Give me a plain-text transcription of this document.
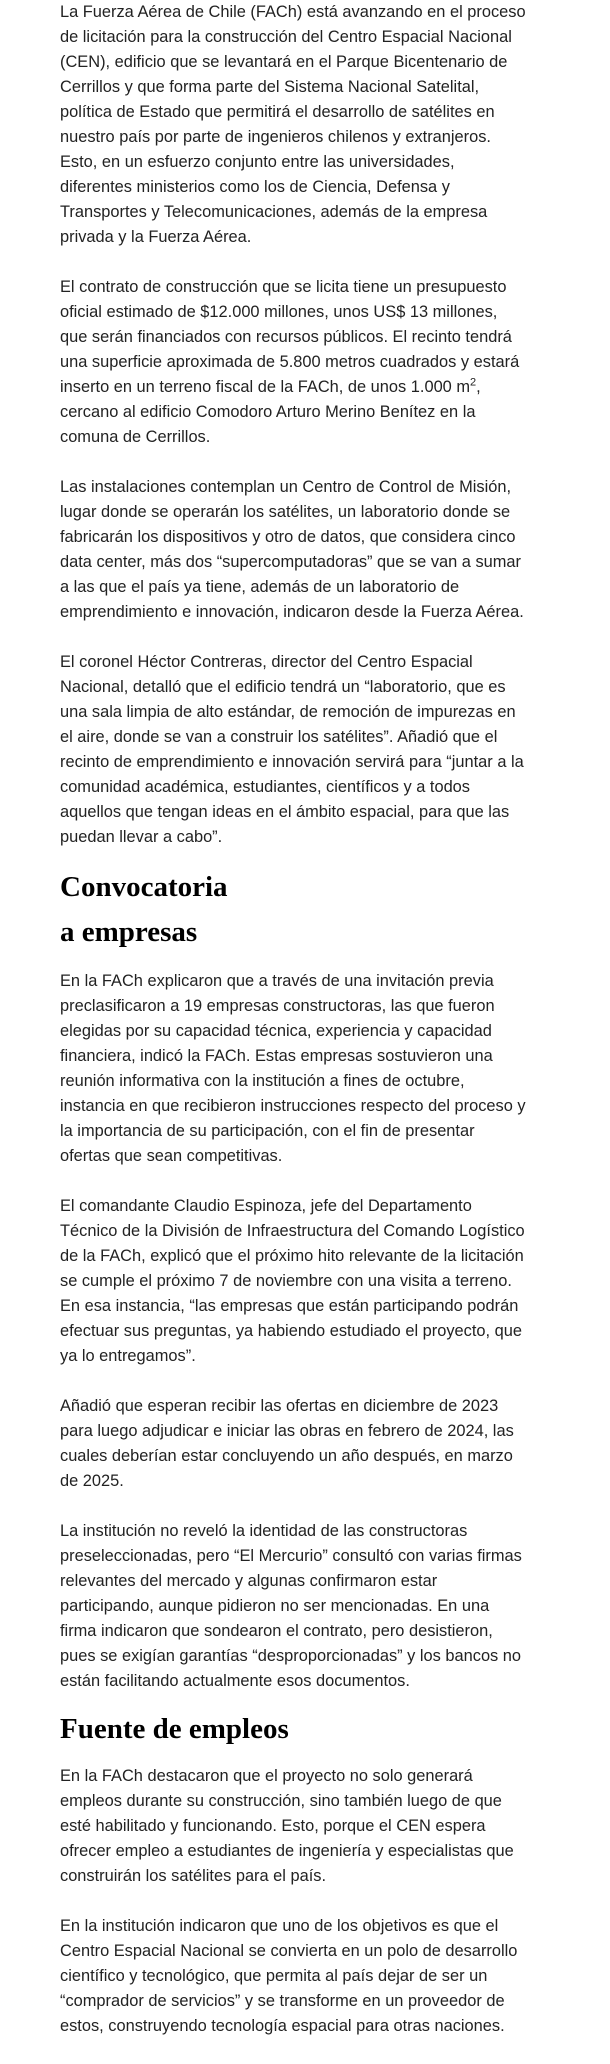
La Fuerza Aérea de Chile (FACh) está avanzando en el proceso
de licitación para la construcción del Centro Espacial Nacional
(CEN), edificio que se levantará en el Parque Bicentenario de
Cerrillos y que forma parte del Sistema Nacional Satelital,
política de Estado que permitirá el desarrollo de satélites en
nuestro país por parte de ingenieros chilenos y extranjeros.
Esto, en un esfuerzo conjunto entre las universidades,
diferentes ministerios como los de Ciencia, Defensa y
Transportes y Telecomunicaciones, además de la empresa
privada y la Fuerza Aérea.

El contrato de construcción que se licita tiene un presupuesto
oficial estimado de $12.000 millones, unos US$ 13 millones,
que serán financiados con recursos públicos. El recinto tendrá
una superficie aproximada de 5.800 metros cuadrados y estará
inserto en un terreno fiscal de la FACh, de unos 1.000 $m^2$,
cercano al edificio Comodoro Arturo Merino Benítez en la
comuna de Cerrillos.

Las instalaciones contemplan un Centro de Control de Misión,
lugar donde se operarán los satélites, un laboratorio donde se
fabricarán los dispositivos y otro de datos, que considera cinco
data center, más dos “supercomputadoras” que se van a sumar
a las que el país ya tiene, además de un laboratorio de
emprendimiento e innovación, indicaron desde la Fuerza Aérea.

El coronel Héctor Contreras, director del Centro Espacial
Nacional, detalló que el edificio tendrá un “laboratorio, que es
una sala limpia de alto estándar, de remoción de impurezas en
el aire, donde se van a construir los satélites”. Añadió que el
recinto de emprendimiento e innovación servirá para “juntar a la
comunidad académica, estudiantes, científicos y a todos
aquellos que tengan ideas en el ámbito espacial, para que las
puedan llevar a cabo”.

Convocatoria
a empresas

En la FACh explicaron que a través de una invitación previa
preclasificaron a 19 empresas constructoras, las que fueron
elegidas por su capacidad técnica, experiencia y capacidad
financiera, indicó la FACh. Estas empresas sostuvieron una
reunión informativa con la institución a fines de octubre,
instancia en que recibieron instrucciones respecto del proceso y
la importancia de su participación, con el fin de presentar
ofertas que sean competitivas.

El comandante Claudio Espinoza, jefe del Departamento
Técnico de la División de Infraestructura del Comando Logístico
de la FACh, explicó que el próximo hito relevante de la licitación
se cumple el próximo 7 de noviembre con una visita a terreno.
En esa instancia, “las empresas que están participando podrán
efectuar sus preguntas, ya habiendo estudiado el proyecto, que
ya lo entregamos”.

Añadió que esperan recibir las ofertas en diciembre de 2023
para luego adjudicar e iniciar las obras en febrero de 2024, las
cuales deberían estar concluyendo un año después, en marzo
de 2025.

La institución no reveló la identidad de las constructoras
preseleccionadas, pero “El Mercurio” consultó con varias firmas
relevantes del mercado y algunas confirmaron estar
participando, aunque pidieron no ser mencionadas. En una
firma indicaron que sondearon el contrato, pero desistieron,
pues se exigían garantías “desproporcionadas” y los bancos no
están facilitando actualmente esos documentos.

Fuente de empleos

En la FACh destacaron que el proyecto no solo generará
empleos durante su construcción, sino también luego de que
esté habilitado y funcionando. Esto, porque el CEN espera
ofrecer empleo a estudiantes de ingeniería y especialistas que
construirán los satélites para el país.

En la institución indicaron que uno de los objetivos es que el
Centro Espacial Nacional se convierta en un polo de desarrollo
científico y tecnológico, que permita al país dejar de ser un
“comprador de servicios” y se transforme en un proveedor de
estos, construyendo tecnología espacial para otras naciones.
